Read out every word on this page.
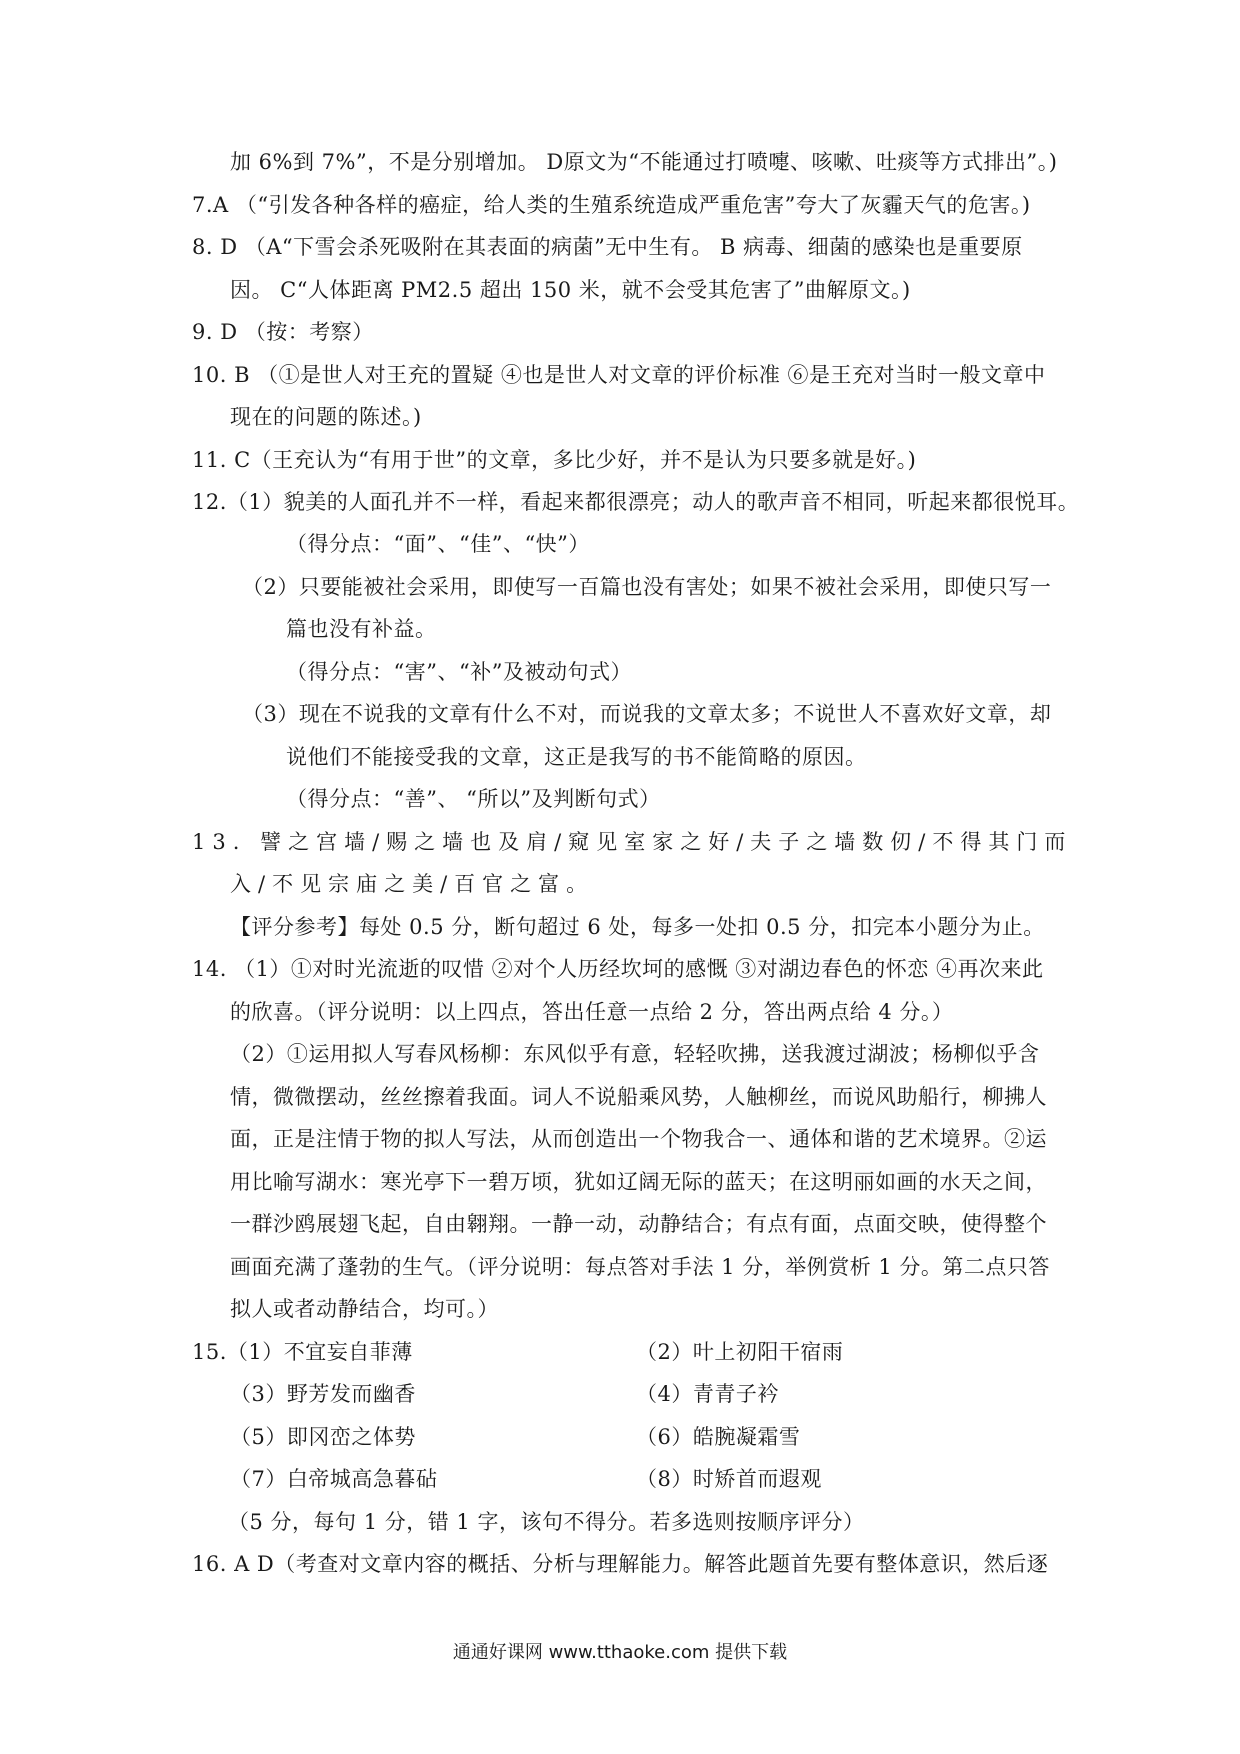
加 6%到 7%”，不是分别增加。 D原文为“不能通过打喷嚏、咳嗽、吐痰等方式排出”。)
7.A （“引发各种各样的癌症，给人类的生殖系统造成严重危害”夸大了灰霾天气的危害。)
8. D （A“下雪会杀死吸附在其表面的病菌”无中生有。 B 病毒、细菌的感染也是重要原
因。 C“人体距离 PM2.5 超出 150 米，就不会受其危害了”曲解原文。)
9. D （按：考察）
10. B （①是世人对王充的置疑 ④也是世人对文章的评价标准 ⑥是王充对当时一般文章中
现在的问题的陈述。)
11. C（王充认为“有用于世”的文章，多比少好，并不是认为只要多就是好。)
12.（1）貌美的人面孔并不一样，看起来都很漂亮；动人的歌声音不相同，听起来都很悦耳。
（得分点：“面”、“佳”、“快”）
（2）只要能被社会采用，即使写一百篇也没有害处；如果不被社会采用，即使只写一
篇也没有补益。
（得分点：“害”、“补”及被动句式）
（3）现在不说我的文章有什么不对，而说我的文章太多；不说世人不喜欢好文章，却
说他们不能接受我的文章，这正是我写的书不能简略的原因。
（得分点：“善”、 “所以”及判断句式）
13. 譬之宫墙/赐之墙也及肩/窥见室家之好/夫子之墙数仞/不得其门而
入/不见宗庙之美/百官之富。
【评分参考】每处 0.5 分，断句超过 6 处，每多一处扣 0.5 分，扣完本小题分为止。
14. （1）①对时光流逝的叹惜 ②对个人历经坎坷的感慨 ③对湖边春色的怀恋 ④再次来此
的欣喜。（评分说明：以上四点，答出任意一点给 2 分，答出两点给 4 分。）
（2）①运用拟人写春风杨柳：东风似乎有意，轻轻吹拂，送我渡过湖波；杨柳似乎含
情，微微摆动，丝丝擦着我面。词人不说船乘风势，人触柳丝，而说风助船行，柳拂人
面，正是注情于物的拟人写法，从而创造出一个物我合一、通体和谐的艺术境界。②运
用比喻写湖水：寒光亭下一碧万顷，犹如辽阔无际的蓝天；在这明丽如画的水天之间，
一群沙鸥展翅飞起，自由翱翔。一静一动，动静结合；有点有面，点面交映，使得整个
画面充满了蓬勃的生气。（评分说明：每点答对手法 1 分，举例赏析 1 分。第二点只答
拟人或者动静结合，均可。）
15.（1）不宜妄自菲薄	（2）叶上初阳干宿雨
（3）野芳发而幽香	（4）青青子衿
（5）即冈峦之体势	（6）皓腕凝霜雪
（7）白帝城高急暮砧	（8）时矫首而遐观
（5 分，每句 1 分，错 1 字，该句不得分。若多选则按顺序评分）
16. A D（考查对文章内容的概括、分析与理解能力。解答此题首先要有整体意识，然后逐
通通好课网 www.tthaoke.com 提供下载
